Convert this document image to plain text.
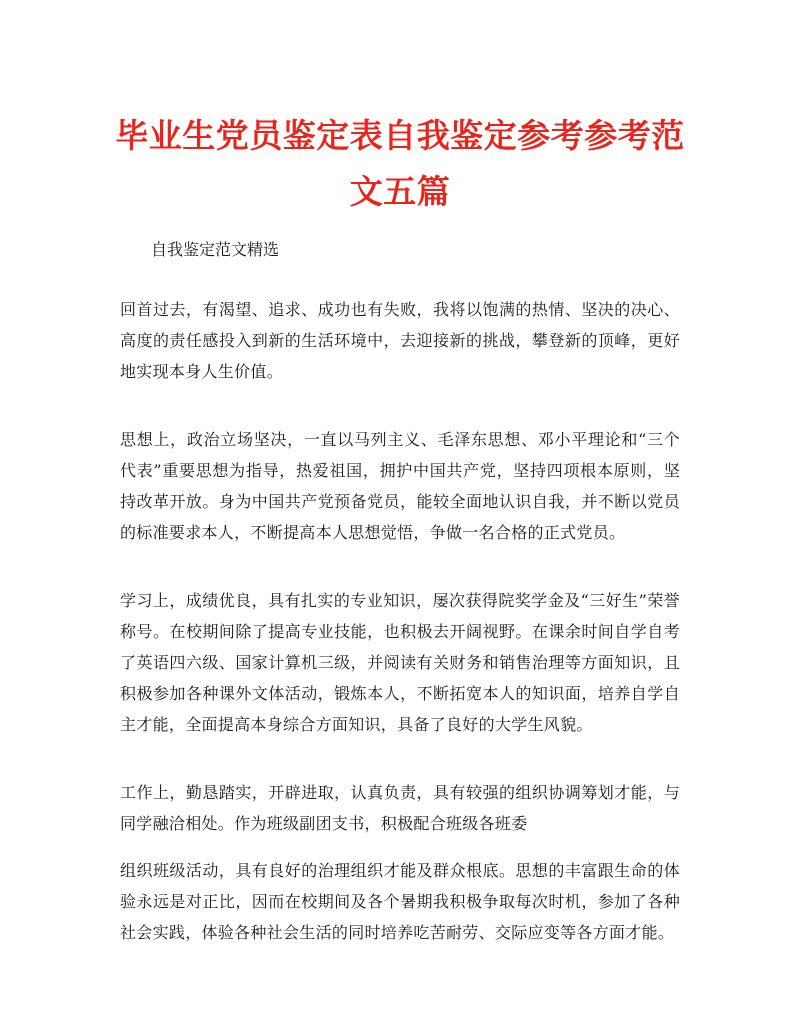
毕业生党员鉴定表自我鉴定参考参考范文五篇
自我鉴定范文精选

回首过去，有渴望、追求、成功也有失败，我将以饱满的热情、坚决的决心、高度的责任感投入到新的生活环境中，去迎接新的挑战，攀登新的顶峰，更好地实现本身人生价值。

思想上，政治立场坚决，一直以马列主义、毛泽东思想、邓小平理论和“三个代表”重要思想为指导，热爱祖国，拥护中国共产党，坚持四项根本原则，坚持改革开放。身为中国共产党预备党员，能较全面地认识自我，并不断以党员的标准要求本人，不断提高本人思想觉悟，争做一名合格的正式党员。

学习上，成绩优良，具有扎实的专业知识，屡次获得院奖学金及“三好生”荣誉称号。在校期间除了提高专业技能，也积极去开阔视野。在课余时间自学自考了英语四六级、国家计算机三级，并阅读有关财务和销售治理等方面知识，且积极参加各种课外文体活动，锻炼本人，不断拓宽本人的知识面，培养自学自主才能，全面提高本身综合方面知识，具备了良好的大学生风貌。

工作上，勤恳踏实，开辟进取，认真负责，具有较强的组织协调筹划才能，与同学融洽相处。作为班级副团支书，积极配合班级各班委

组织班级活动，具有良好的治理组织才能及群众根底。思想的丰富跟生命的体验永远是对正比，因而在校期间及各个暑期我积极争取每次时机，参加了各种社会实践，体验各种社会生活的同时培养吃苦耐劳、交际应变等各方面才能。
